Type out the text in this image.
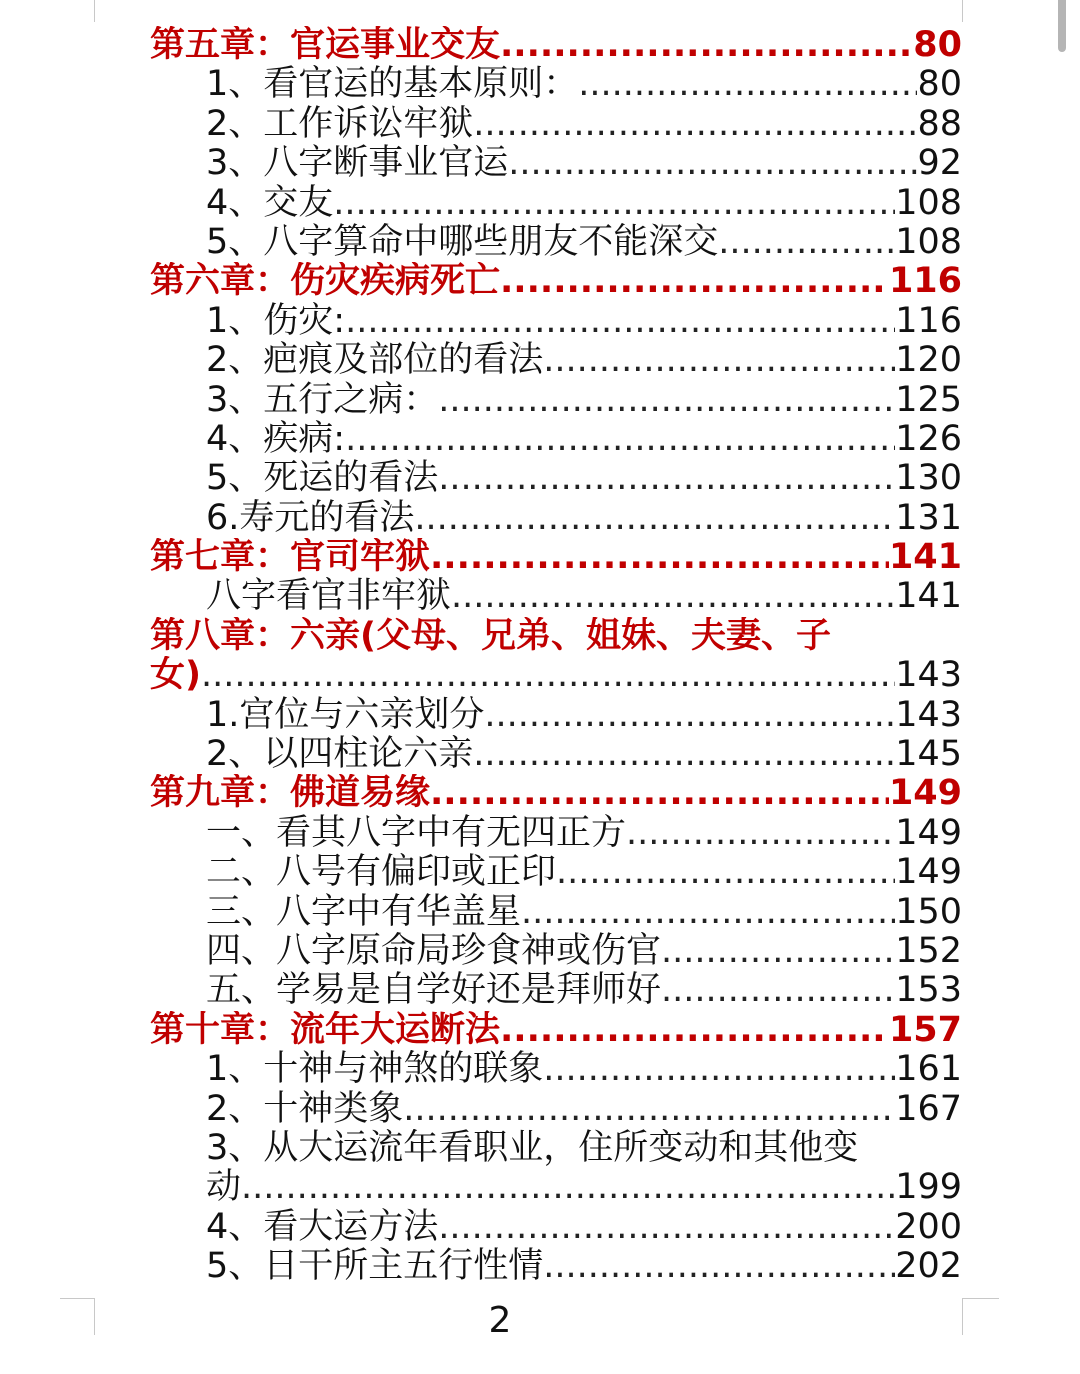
第五章：官运事业交友 .....	80
1、看官运的基本原则： .....	80
2、工作诉讼牢狱 .....	88
3、八字断事业官运 .....	92
4、交友 .....	108
5、八字算命中哪些朋友不能深交 .....	108
第六章：伤灾疾病死亡 .....	116
1、伤灾: .....	116
2、疤痕及部位的看法 .....	120
3、五行之病： .....	125
4、疾病: .....	126
5、死运的看法 .....	130
6.寿元的看法 .....	131
第七章：官司牢狱 .....	141
八字看官非牢狱 .....	141
第八章：六亲(父母、兄弟、姐妹、夫妻、子
女) .....	143
1.宫位与六亲划分 .....	143
2、以四柱论六亲 .....	145
第九章：佛道易缘 .....	149
一、看其八字中有无四正方 .....	149
二、八号有偏印或正印 .....	149
三、八字中有华盖星 .....	150
四、八字原命局珍食神或伤官 .....	152
五、学易是自学好还是拜师好 .....	153
第十章：流年大运断法 .....	157
1、十神与神煞的联象 .....	161
2、十神类象 .....	167
3、从大运流年看职业，住所变动和其他变
动 .....	199
4、看大运方法 .....	200
5、日干所主五行性情 .....	202
2
